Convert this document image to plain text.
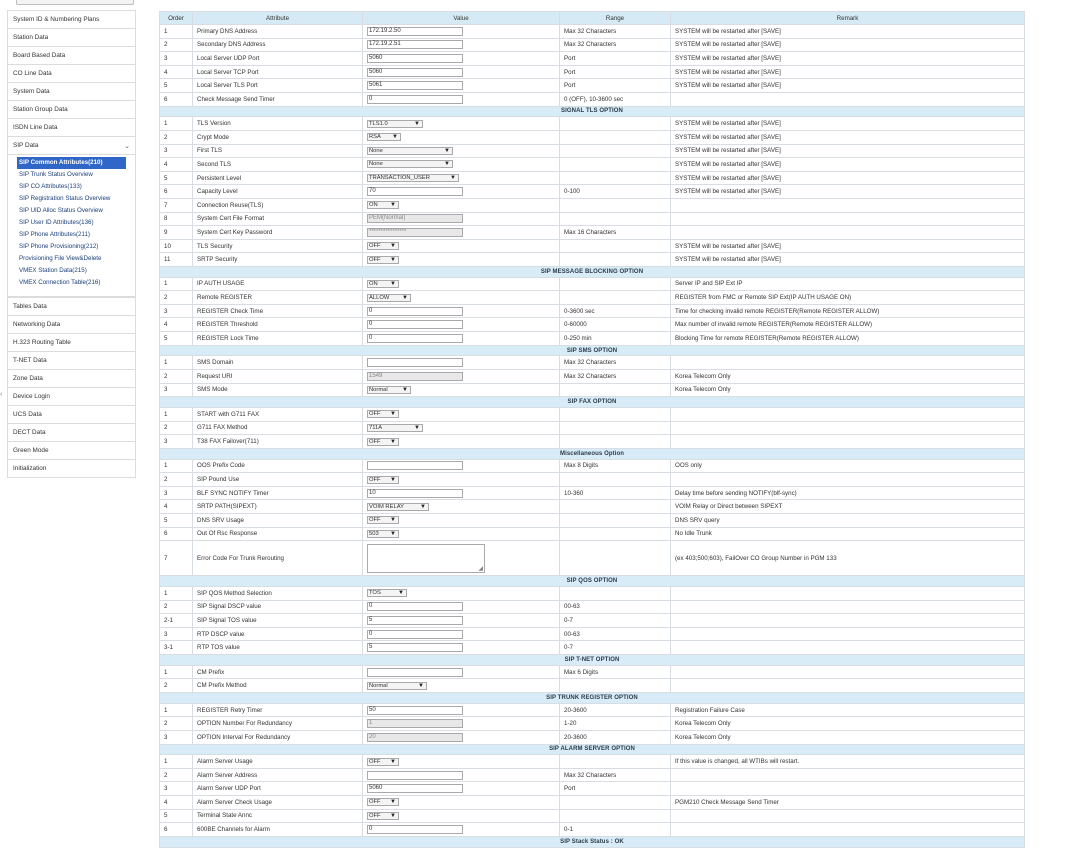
System ID & Numbering Plans
Station Data
Board Based Data
CO Line Data
System Data
Station Group Data
ISDN Line Data
SIP Data	⌄
SIP Common Attributes(210)
SIP Trunk Status Overview
SIP CO Attributes(133)
SIP Registration Status Overview
SIP UID Alloc Status Overview
SIP User ID Attributes(136)
SIP Phone Attributes(211)
SIP Phone Provisioning(212)
Provisioning File View&Delete
VMEX Station Data(215)
VMEX Connection Table(216)
Tables Data
Networking Data
H.323 Routing Table
T-NET Data
Zone Data
Device Login
UCS Data
DECT Data
Green Mode
Initialization
‹
Order	Attribute	Value	Range	Remark
1	Primary DNS Address	172.19.2.50	Max 32 Characters	SYSTEM will be restarted after [SAVE]
2	Secondary DNS Address	172.19.2.51	Max 32 Characters	SYSTEM will be restarted after [SAVE]
3	Local Server UDP Port	5060	Port	SYSTEM will be restarted after [SAVE]
4	Local Server TCP Port	5060	Port	SYSTEM will be restarted after [SAVE]
5	Local Server TLS Port	5061	Port	SYSTEM will be restarted after [SAVE]
6	Check Message Send Timer	0	0 (OFF), 10-3600 sec	
SIGNAL TLS OPTION				
1	TLS Version	TLS1.0 ▼		SYSTEM will be restarted after [SAVE]
2	Crypt Mode	RSA ▼		SYSTEM will be restarted after [SAVE]
3	First TLS	None ▼		SYSTEM will be restarted after [SAVE]
4	Second TLS	None ▼		SYSTEM will be restarted after [SAVE]
5	Persistent Level	TRANSACTION_USER ▼		SYSTEM will be restarted after [SAVE]
6	Capacity Level	70	0-100	SYSTEM will be restarted after [SAVE]
7	Connection Reuse(TLS)	ON ▼		

8	System Cert File Format	PEM(Normal)		
9	System Cert Key Password	****************	Max 16 Characters	
10	TLS Security	OFF ▼		SYSTEM will be restarted after [SAVE]
11	SRTP Security	OFF ▼		SYSTEM will be restarted after [SAVE]
SIP MESSAGE BLOCKING OPTION				
1	IP AUTH USAGE	ON ▼		Server IP and SIP Ext IP
2	Remote REGISTER	ALLOW ▼		REGISTER from FMC or Remote SIP Ext(IP AUTH USAGE ON)
3	REGISTER Check Time	0	0-3600 sec	Time for checking invalid remote REGISTER(Remote REGISTER ALLOW)
4	REGISTER Threshold	0	0-60000	Max number of invalid remote REGISTER(Remote REGISTER ALLOW)
5	REGISTER Lock Time	0	0-250 min	Blocking Time for remote REGISTER(Remote REGISTER ALLOW)
SIP SMS OPTION				
1	SMS Domain		Max 32 Characters	
2	Request URI	1549	Max 32 Characters	Korea Telecom Only
3	SMS Mode	Normal ▼		Korea Telecom Only
SIP FAX OPTION				
1	START with G711 FAX	OFF ▼		

2	G711 FAX Method	711A ▼		

3	T38 FAX Failover(711)	OFF ▼		

Miscellaneous Option				
1	OOS Prefix Code		Max 8 Digits	OOS only
2	SIP Pound Use	OFF ▼		

3	BLF SYNC NOTIFY Timer	10	10-360	Delay time before sending NOTIFY(blf-sync)
4	SRTP PATH(SIPEXT)	VOIM RELAY ▼		VOIM Relay or Direct between SIPEXT
5	DNS SRV Usage	OFF ▼		DNS SRV query
6	Out Of Rsc Response	503 ▼		No Idle Trunk
7	Error Code For Trunk Rerouting	◢		(ex 403;500;603), FailOver CO Group Number in PGM 133
SIP QOS OPTION				
1	SIP QOS Method Selection	TOS ▼		

2	SIP Signal DSCP value	0	00-63	
2-1	SIP Signal TOS value	5	0-7	
3	RTP DSCP value	0	00-63	
3-1	RTP TOS value	5	0-7	
SIP T-NET OPTION				
1	CM Prefix		Max 6 Digits	
2	CM Prefix Method	Normal ▼		

SIP TRUNK REGISTER OPTION				
1	REGISTER Retry Timer	50	20-3600	Registration Failure Case
2	OPTION Number For Redundancy	1	1-20	Korea Telecom Only
3	OPTION Interval For Redundancy	20	20-3600	Korea Telecom Only
SIP ALARM SERVER OPTION				
1	Alarm Server Usage	OFF ▼		If this value is changed, all WTIBs will restart.
2	Alarm Server Address		Max 32 Characters	
3	Alarm Server UDP Port	5060	Port	
4	Alarm Server Check Usage	OFF ▼		PGM210 Check Message Send Timer
5	Terminal State Annc	OFF ▼		

6	600BE Channels for Alarm	0	0-1	
SIP Stack Status : OK				
